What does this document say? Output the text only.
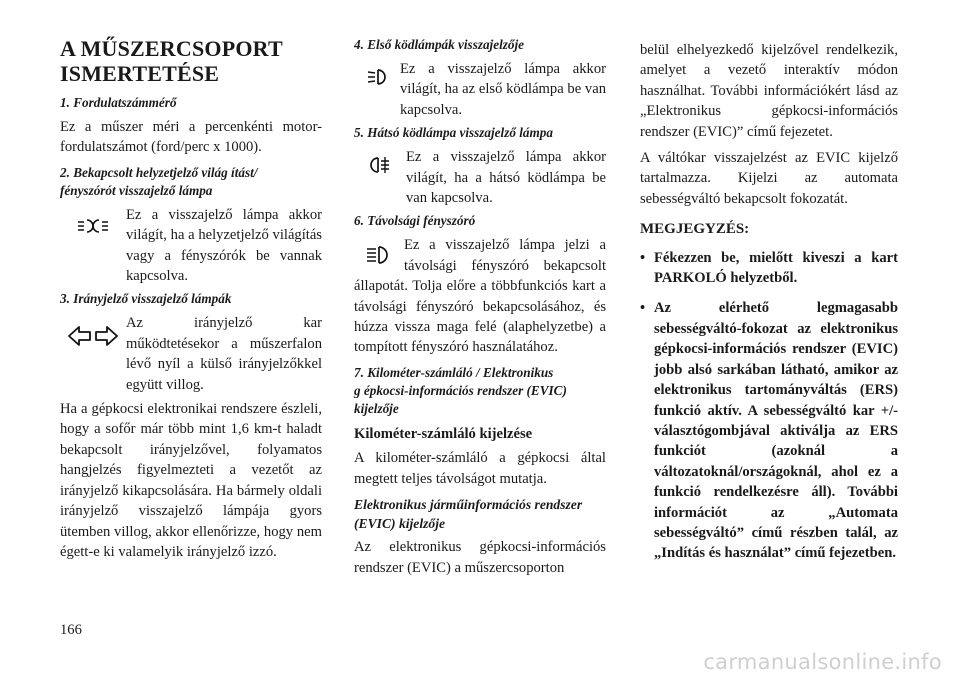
A MŰSZERCSOPORT
ISMERTETÉSE
1. Fordulatszámmérő

Ez a műszer méri a percenkénti motor-fordulatszámot (ford/perc x 1000).

2. Bekapcsolt helyzetjelző világ ítást/
fényszórót visszajelző lámpa

Ez a visszajelző lámpa akkor világít, ha a helyzetjelző világítás vagy a fényszórók be vannak kapcsolva.

3. Irányjelző visszajelző lámpák

Az irányjelző kar működtetésekor a műszerfalon lévő nyíl a külső irányjelzőkkel együtt villog.

Ha a gépkocsi elektronikai rendszere észleli, hogy a sofőr már több mint 1,6 km-t haladt bekapcsolt irányjelzővel, folyamatos hangjelzés figyelmezteti a vezetőt az irányjelző kikapcsolására. Ha bármely oldali irányjelző visszajelző lámpája gyors ütemben villog, akkor ellenőrizze, hogy nem égett-e ki valamelyik irányjelző izzó.

4. Első ködlámpák visszajelzője

Ez a visszajelző lámpa akkor világít, ha az első ködlámpa be van kapcsolva.

5. Hátsó ködlámpa visszajelző lámpa

Ez a visszajelző lámpa akkor világít, ha a hátsó ködlámpa be van kapcsolva.

6. Távolsági fényszóró

Ez a visszajelző lámpa jelzi a távolsági fényszóró bekapcsolt állapotát. Tolja előre a többfunkciós kart a távolsági fényszóró bekapcsolásához, és húzza vissza maga felé (alaphelyzetbe) a tompított fényszóró használatához.

7. Kilométer-számláló / Elektronikus
g épkocsi-információs rendszer (EVIC)
kijelzője
Kilométer-számláló kijelzése

A kilométer-számláló a gépkocsi által megtett teljes távolságot mutatja.

Elektronikus járműinformációs rendszer (EVIC) kijelzője

Az elektronikus gépkocsi-információs rendszer (EVIC) a műszercsoporton

belül elhelyezkedő kijelzővel rendelkezik, amelyet a vezető interaktív módon használhat. További információkért lásd az „Elektronikus gépkocsi-információs rendszer (EVIC)” című fejezetet.

A váltókar visszajelzést az EVIC kijelző tartalmazza. Kijelzi az automata sebességváltó bekapcsolt fokozatát.

MEGJEGYZÉS:
• Fékezzen be, mielőtt kiveszi a kart PARKOLÓ helyzetből.
• Az elérhető legmagasabb sebességváltó-fokozat az elektronikus gépkocsi-információs rendszer (EVIC) jobb alsó sarkában látható, amikor az elektronikus tartományváltás (ERS) funkció aktív. A sebességváltó kar +/- választógombjával aktiválja az ERS funkciót (azoknál a változatoknál/országoknál, ahol ez a funkció rendelkezésre áll). További információt az „Automata sebességváltó” című részben talál, az „Indítás és használat” című fejezetben.
166
carmanualsonline.info
